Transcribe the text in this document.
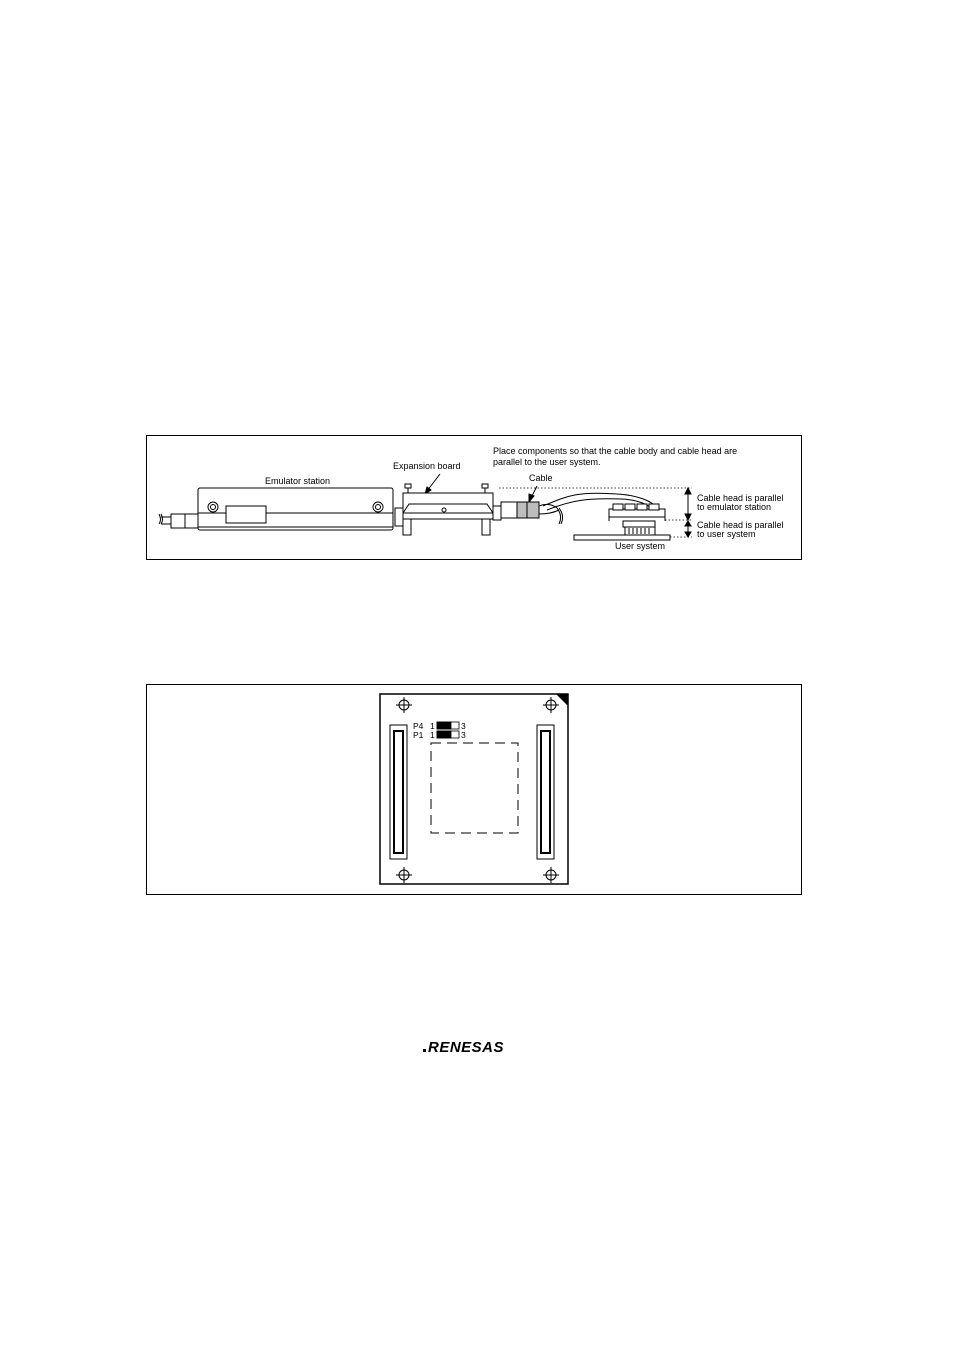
Place components so that the cable body and cable head are
parallel to the user system.
Emulator station
Expansion board
Cable
User system
Cable head is parallel
to emulator station
Cable head is parallel
to user system
P4 1	3
P1 1	3
RENESAS
